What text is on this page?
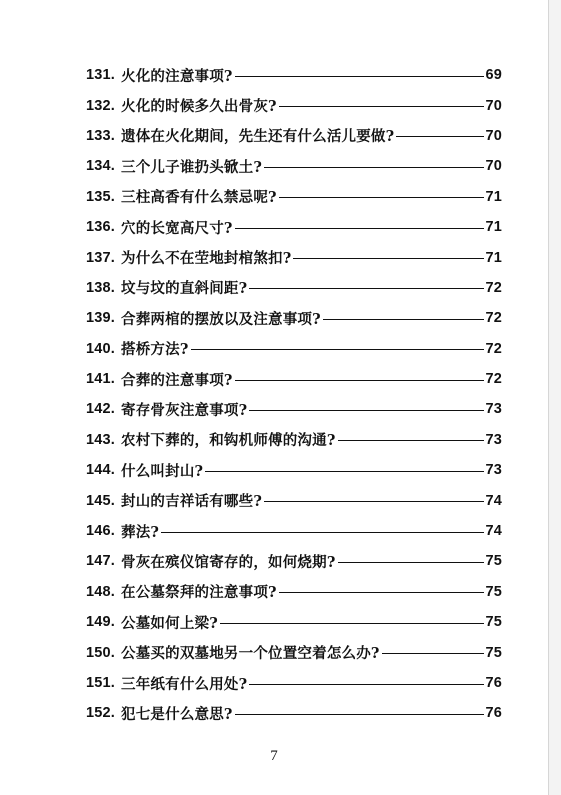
131. 火化的注意事项?	69
132. 火化的时候多久出骨灰?	70
133. 遗体在火化期间，先生还有什么活儿要做?	70
134. 三个儿子谁扔头锨土?	70
135. 三柱高香有什么禁忌呢?	71
136. 穴的长宽高尺寸?	71
137. 为什么不在茔地封棺煞扣?	71
138. 坟与坟的直斜间距?	72
139. 合葬两棺的摆放以及注意事项?	72
140. 搭桥方法?	72
141. 合葬的注意事项?	72
142. 寄存骨灰注意事项?	73
143. 农村下葬的，和钩机师傅的沟通?	73
144. 什么叫封山?	73
145. 封山的吉祥话有哪些?	74
146. 葬法?	74
147. 骨灰在殡仪馆寄存的，如何烧期?	75
148. 在公墓祭拜的注意事项?	75
149. 公墓如何上梁?	75
150. 公墓买的双墓地另一个位置空着怎么办?	75
151. 三年纸有什么用处?	76
152. 犯七是什么意思?	76
7
